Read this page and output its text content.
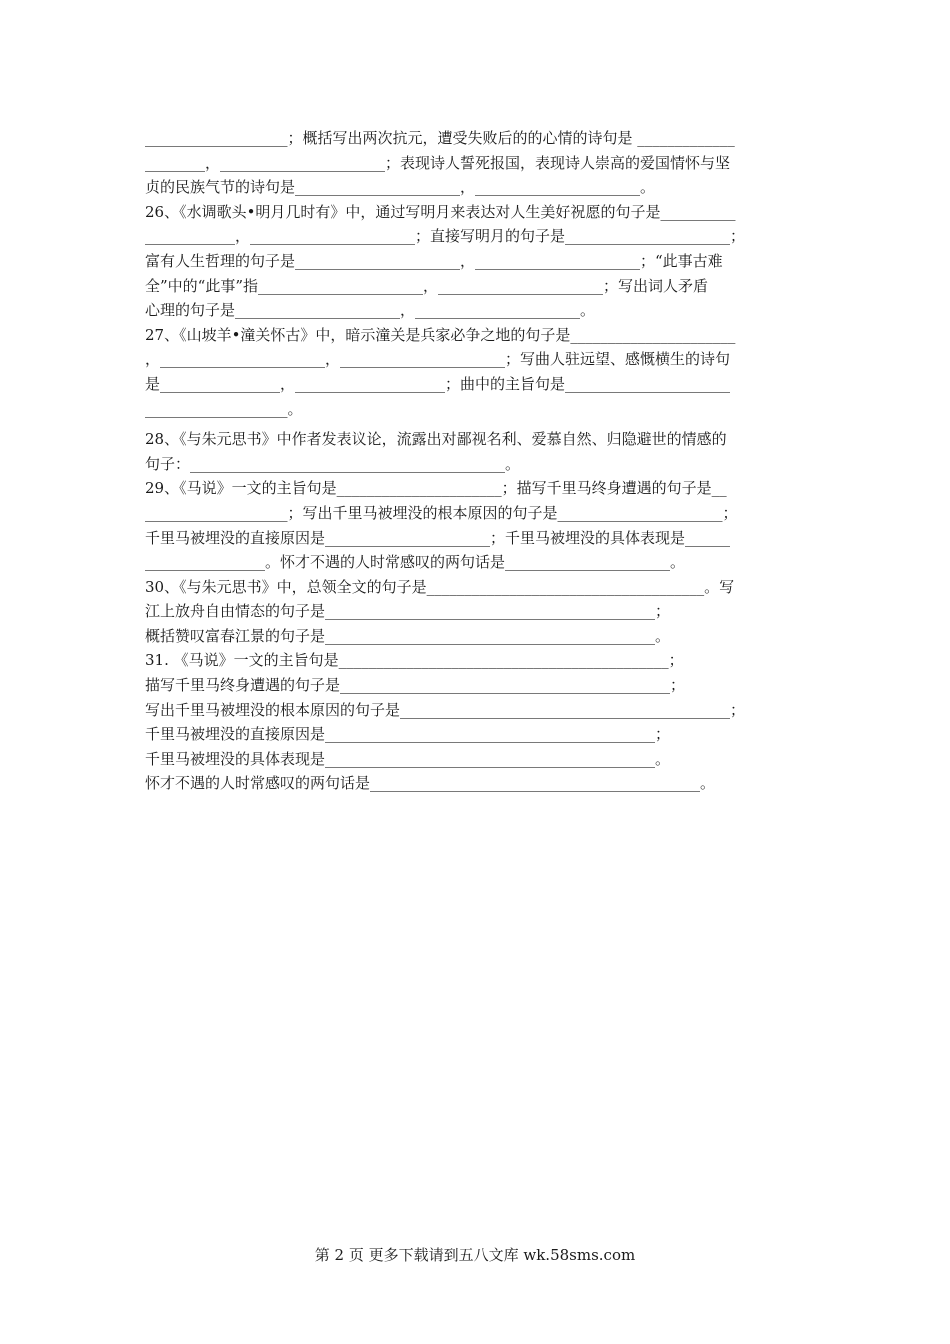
___________________；概括写出两次抗元，遭受失败后的的心情的诗句是 _____________
________，______________________；表现诗人誓死报国，表现诗人崇高的爱国情怀与坚
贞的民族气节的诗句是______________________，______________________。
26、《水调歌头•明月几时有》中，通过写明月来表达对人生美好祝愿的句子是__________
____________，______________________；直接写明月的句子是______________________；
富有人生哲理的句子是______________________，______________________；“此事古难
全”中的“此事”指______________________，______________________；写出词人矛盾
心理的句子是______________________，______________________。
27、《山坡羊•潼关怀古》中，暗示潼关是兵家必争之地的句子是______________________
，______________________，______________________；写曲人驻远望、感慨横生的诗句
是________________，____________________；曲中的主旨句是______________________
___________________。
28、《与朱元思书》中作者发表议论，流露出对鄙视名利、爱慕自然、归隐避世的情感的
句子：__________________________________________。
29、《马说》一文的主旨句是______________________；描写千里马终身遭遇的句子是__
___________________；写出千里马被埋没的根本原因的句子是______________________；
千里马被埋没的直接原因是______________________；千里马被埋没的具体表现是______
________________。怀才不遇的人时常感叹的两句话是______________________。
30、《与朱元思书》中，总领全文的句子是_____________________________________。写
江上放舟自由情态的句子是____________________________________________；
概括赞叹富春江景的句子是____________________________________________。
31. 《马说》一文的主旨句是____________________________________________；
描写千里马终身遭遇的句子是____________________________________________；
写出千里马被埋没的根本原因的句子是____________________________________________；
千里马被埋没的直接原因是____________________________________________；
千里马被埋没的具体表现是____________________________________________。
怀才不遇的人时常感叹的两句话是____________________________________________。
第 2 页 更多下载请到五八文库 wk.58sms.com
